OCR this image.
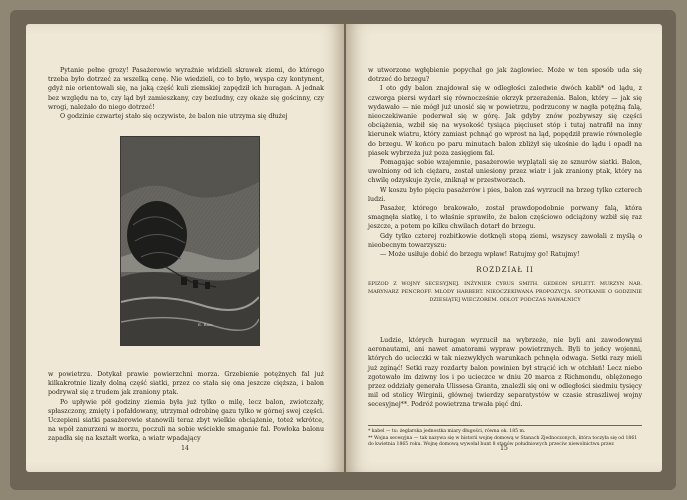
Pytanie pełne grozy! Pasażerowie wyraźnie widzieli skrawek ziemi, do którego trzeba było dotrzeć za wszelką cenę. Nie wiedzieli, co to było, wyspa czy kontynent, gdyż nie orientowali się, na jaką część kuli ziemskiej zapędził ich huragan. A jednak bez względu na to, czy ląd był zamieszkany, czy bezludny, czy okaże się gościnny, czy wrogi, należało do niego dotrzeć!

O godzinie czwartej stało się oczywiste, że balon nie utrzyma się dłużej

E. Riou

w powietrzu. Dotykał prawie powierzchni morza. Grzebienie potężnych fal już kilkakrotnie lizały dolną część siatki, przez co stała się ona jeszcze cięższa, i balon podrywał się z trudem jak zraniony ptak.

Po upływie pół godziny ziemia była już tylko o milę, lecz balon, zwiotczały, spłaszczony, zmięty i pofałdowany, utrzymał odrobinę gazu tylko w górnej swej części. Uczepieni siatki pasażerowie stanowili teraz zbyt wielkie obciążenie, toteż wkrótce, na wpół zanurzeni w morzu, poczuli na sobie wściekłe smaganie fal. Powłoka balonu zapadła się na kształt worka, a wiatr wpadający

14

w utworzone wgłębienie popychał go jak żaglowiec. Może w ten sposób uda się dotrzeć do brzegu?

I oto gdy balon znajdował się w odległości zaledwie dwóch kabli* od lądu, z czworga piersi wydarł się równocześnie okrzyk przerażenia. Balon, który — jak się wydawało — nie mógł już unosić się w powietrzu, podrzucony w nagła potężną falą, nieoczekiwanie poderwał się w górę. Jak gdyby znów pozbywszy się części obciążenia, wzbił się na wysokość tysiąca pięciuset stóp i tutaj natrafił na inny kierunek wiatru, który zamiast pchnąć go wprost na ląd, popędził prawie równolegle do brzegu. W końcu po paru minutach balon zbliżył się ukośnie do lądu i opadł na piasek wybrzeża już poza zasięgiem fal.

Pomagając sobie wzajemnie, pasażerowie wyplątali się ze sznurów siatki. Balon, uwolniony od ich ciężaru, został uniesiony przez wiatr i jak zraniony ptak, który na chwilę odzyskuje życie, zniknął w przestworzach.

W koszu było pięciu pasażerów i pies, balon zaś wyrzucił na brzeg tylko czterech ludzi.

Pasażer, którego brakowało, został prawdopodobnie porwany falą, która smagnęła siatkę, i to właśnie sprawiło, że balon częściowo odciążony wzbił się raz jeszcze, a potem po kilku chwilach dotarł do brzegu.

Gdy tylko czterej rozbitkowie dotknęli stopą ziemi, wszyscy zawołali z myślą o nieobecnym towarzyszu:

— Może usiłuje dobić do brzegu wpław! Ratujmy go! Ratujmy!

ROZDZIAŁ II
EPIZOD Z WOJNY SECESYJNEJ. INŻYNIER CYRUS SMITH. GEDEON SPILETT. MURZYN NAB. MARYNARZ PENCROFF. MŁODY HARBERT. NIEOCZEKIWANA PROPOZYCJA. SPOTKANIE O GODZINIE DZIESIĄTEJ WIECZOREM. ODLOT PODCZAS NAWAŁNICY

Ludzie, których huragan wyrzucił na wybrzeże, nie byli ani zawodowymi aeronautami, ani nawet amatorami wypraw powietrznych. Byli to jeńcy wojenni, których do ucieczki w tak niezwykłych warunkach pchnęła odwaga. Setki razy mieli już zginąć! Setki razy rozdarty balon powinien był strącić ich w otchłań! Lecz niebo zgotowało im dziwny los i po ucieczce w dniu 20 marca z Richmondu, oblężonego przez oddziały generała Ulissesa Granta, znaleźli się oni w odległości siedmiu tysięcy mil od stolicy Wirginii, głównej twierdzy separatystów w czasie straszliwej wojny secesyjnej**. Podróż powietrzna trwała pięć dni.

* kabel — tu: żeglarska jednostka miary długości, równa ok. 185 m.

** Wojna secesyjna — tak nazywa się w historii wojnę domową w Stanach Zjednoczonych, która toczyła się od 1861 do kwietnia 1865 roku. Wojnę domową wywołał bunt 8 stanów południowych przeciw niewolnictwu przez

15
